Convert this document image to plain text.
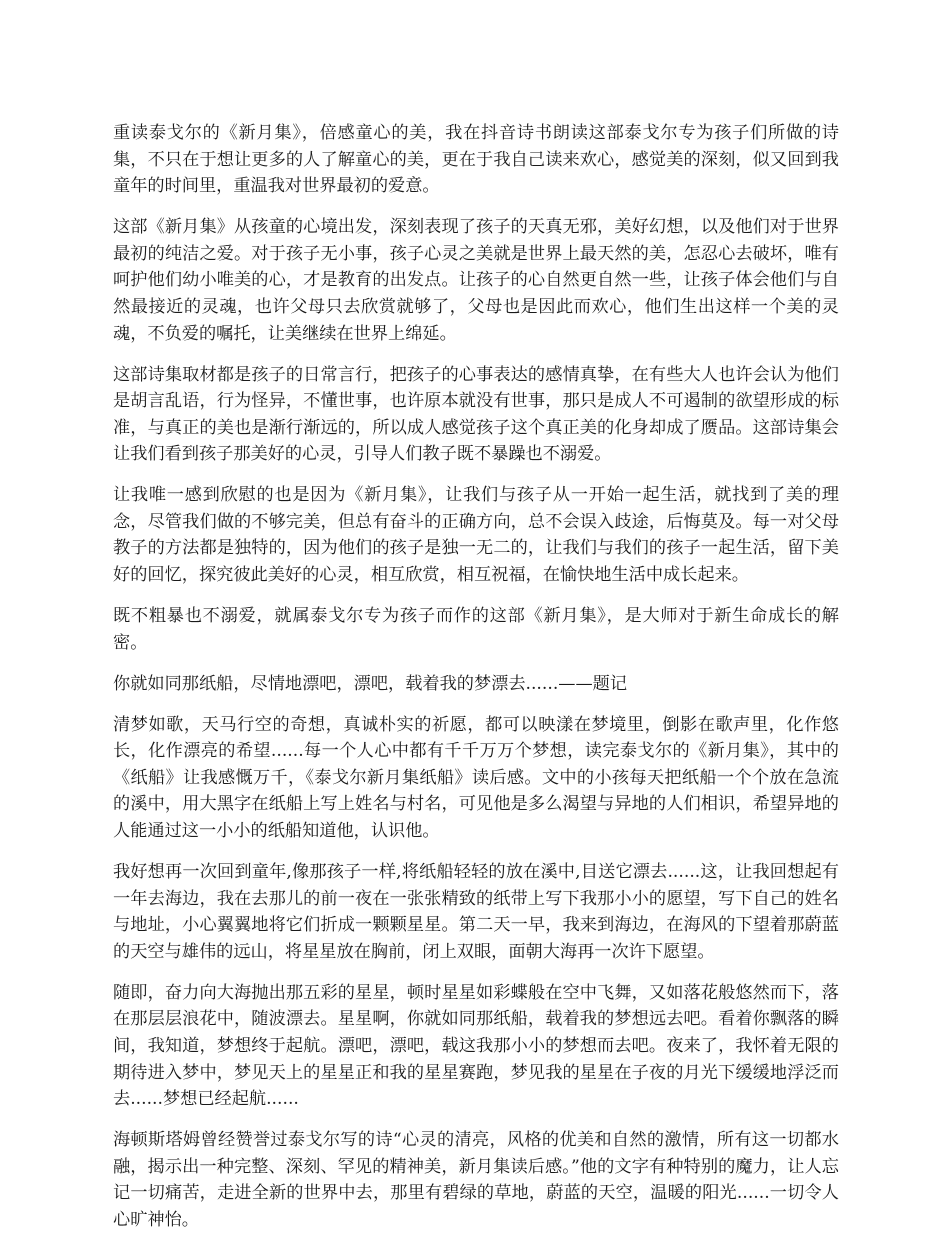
重读泰戈尔的《新月集》，倍感童心的美，我在抖音诗书朗读这部泰戈尔专为孩子们所做的诗集，不只在于想让更多的人了解童心的美，更在于我自己读来欢心，感觉美的深刻，似又回到我童年的时间里，重温我对世界最初的爱意。

这部《新月集》从孩童的心境出发，深刻表现了孩子的天真无邪，美好幻想，以及他们对于世界最初的纯洁之爱。对于孩子无小事，孩子心灵之美就是世界上最天然的美，怎忍心去破坏，唯有呵护他们幼小唯美的心，才是教育的出发点。让孩子的心自然更自然一些，让孩子体会他们与自然最接近的灵魂，也许父母只去欣赏就够了，父母也是因此而欢心，他们生出这样一个美的灵魂，不负爱的嘱托，让美继续在世界上绵延。

这部诗集取材都是孩子的日常言行，把孩子的心事表达的感情真挚，在有些大人也许会认为他们是胡言乱语，行为怪异，不懂世事，也许原本就没有世事，那只是成人不可遏制的欲望形成的标准，与真正的美也是渐行渐远的，所以成人感觉孩子这个真正美的化身却成了赝品。这部诗集会让我们看到孩子那美好的心灵，引导人们教子既不暴躁也不溺爱。

让我唯一感到欣慰的也是因为《新月集》，让我们与孩子从一开始一起生活，就找到了美的理念，尽管我们做的不够完美，但总有奋斗的正确方向，总不会误入歧途，后悔莫及。每一对父母教子的方法都是独特的，因为他们的孩子是独一无二的，让我们与我们的孩子一起生活，留下美好的回忆，探究彼此美好的心灵，相互欣赏，相互祝福，在愉快地生活中成长起来。

既不粗暴也不溺爱，就属泰戈尔专为孩子而作的这部《新月集》，是大师对于新生命成长的解密。

你就如同那纸船，尽情地漂吧，漂吧，载着我的梦漂去......——题记

清梦如歌，天马行空的奇想，真诚朴实的祈愿，都可以映漾在梦境里，倒影在歌声里，化作悠长，化作漂亮的希望......每一个人心中都有千千万万个梦想，读完泰戈尔的《新月集》，其中的《纸船》让我感慨万千，《泰戈尔新月集纸船》读后感。文中的小孩每天把纸船一个个放在急流的溪中，用大黑字在纸船上写上姓名与村名，可见他是多么渴望与异地的人们相识，希望异地的人能通过这一小小的纸船知道他，认识他。

我好想再一次回到童年,像那孩子一样,将纸船轻轻的放在溪中,目送它漂去......这，让我回想起有一年去海边，我在去那儿的前一夜在一张张精致的纸带上写下我那小小的愿望，写下自己的姓名与地址，小心翼翼地将它们折成一颗颗星星。第二天一早，我来到海边，在海风的下望着那蔚蓝的天空与雄伟的远山，将星星放在胸前，闭上双眼，面朝大海再一次许下愿望。

随即，奋力向大海抛出那五彩的星星，顿时星星如彩蝶般在空中飞舞，又如落花般悠然而下，落在那层层浪花中，随波漂去。星星啊，你就如同那纸船，载着我的梦想远去吧。看着你飘落的瞬间，我知道，梦想终于起航。漂吧，漂吧，载这我那小小的梦想而去吧。夜来了，我怀着无限的期待进入梦中，梦见天上的星星正和我的星星赛跑，梦见我的星星在子夜的月光下缓缓地浮泛而去......梦想已经起航......

海顿斯塔姆曾经赞誉过泰戈尔写的诗“心灵的清亮，风格的优美和自然的激情，所有这一切都水融，揭示出一种完整、深刻、罕见的精神美，新月集读后感。”他的文字有种特别的魔力，让人忘记一切痛苦，走进全新的世界中去，那里有碧绿的草地，蔚蓝的天空，温暖的阳光......一切令人心旷神怡。
